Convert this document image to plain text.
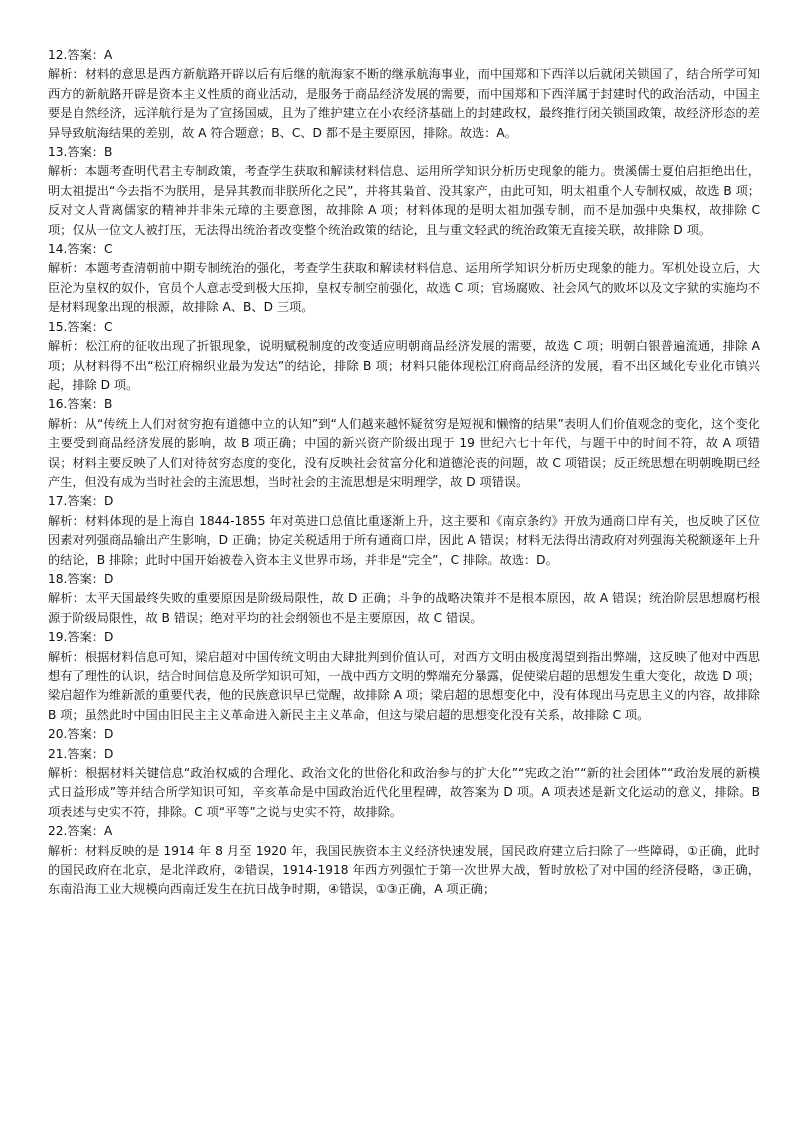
12.答案：A

解析：材料的意思是西方新航路开辟以后有后继的航海家不断的继承航海事业，而中国郑和下西洋以后就闭关锁国了，结合所学可知西方的新航路开辟是资本主义性质的商业活动，是服务于商品经济发展的需要，而中国郑和下西洋属于封建时代的政治活动，中国主要是自然经济，远洋航行是为了宣扬国威，且为了维护建立在小农经济基础上的封建政权，最终推行闭关锁国政策，故经济形态的差异导致航海结果的差别，故 A 符合题意；B、C、D 都不是主要原因，排除。故选：A。

13.答案：B

解析：本题考查明代君主专制政策，考查学生获取和解读材料信息、运用所学知识分析历史现象的能力。贵溪儒士夏伯启拒绝出仕，明太祖提出“今去指不为朕用，是异其教而非朕所化之民”，并将其枭首、没其家产，由此可知，明太祖重个人专制权威，故选 B 项；反对文人背离儒家的精神并非朱元璋的主要意图，故排除 A 项；材料体现的是明太祖加强专制，而不是加强中央集权，故排除 C 项；仅从一位文人被打压，无法得出统治者改变整个统治政策的结论，且与重文轻武的统治政策无直接关联，故排除 D 项。

14.答案：C

解析：本题考查清朝前中期专制统治的强化，考查学生获取和解读材料信息、运用所学知识分析历史现象的能力。军机处设立后，大臣沦为皇权的奴仆，官员个人意志受到极大压抑，皇权专制空前强化，故选 C 项；官场腐败、社会风气的败坏以及文字狱的实施均不是材料现象出现的根源，故排除 A、B、D 三项。

15.答案：C

解析：松江府的征收出现了折银现象，说明赋税制度的改变适应明朝商品经济发展的需要，故选 C 项；明朝白银普遍流通，排除 A 项；从材料得不出“松江府棉织业最为发达”的结论，排除 B 项；材料只能体现松江府商品经济的发展，看不出区域化专业化市镇兴起，排除 D 项。

16.答案：B

解析：从“传统上人们对贫穷抱有道德中立的认知”到“人们越来越怀疑贫穷是短视和懒惰的结果”表明人们价值观念的变化，这个变化主要受到商品经济发展的影响，故 B 项正确；中国的新兴资产阶级出现于 19 世纪六七十年代，与题干中的时间不符，故 A 项错误；材料主要反映了人们对待贫穷态度的变化，没有反映社会贫富分化和道德沦丧的问题，故 C 项错误；反正统思想在明朝晚期已经产生，但没有成为当时社会的主流思想，当时社会的主流思想是宋明理学，故 D 项错误。

17.答案：D

解析：材料体现的是上海自 1844-1855 年对英进口总值比重逐渐上升，这主要和《南京条约》开放为通商口岸有关，也反映了区位因素对列强商品输出产生影响，D 正确；协定关税适用于所有通商口岸，因此 A 错误；材料无法得出清政府对列强海关税额逐年上升的结论，B 排除；此时中国开始被卷入资本主义世界市场，并非是“完全”，C 排除。故选：D。

18.答案：D

解析：太平天国最终失败的重要原因是阶级局限性，故 D 正确；斗争的战略决策并不是根本原因，故 A 错误；统治阶层思想腐朽根源于阶级局限性，故 B 错误；绝对平均的社会纲领也不是主要原因，故 C 错误。

19.答案：D

解析：根据材料信息可知，梁启超对中国传统文明由大肆批判到价值认可，对西方文明由极度渴望到指出弊端，这反映了他对中西思想有了理性的认识，结合时间信息及所学知识可知，一战中西方文明的弊端充分暴露，促使梁启超的思想发生重大变化，故选 D 项；梁启超作为维新派的重要代表，他的民族意识早已觉醒，故排除 A 项；梁启超的思想变化中，没有体现出马克思主义的内容，故排除 B 项；虽然此时中国由旧民主主义革命进入新民主主义革命，但这与梁启超的思想变化没有关系，故排除 C 项。

20.答案：D

21.答案：D

解析：根据材料关键信息“政治权威的合理化、政治文化的世俗化和政治参与的扩大化”“宪政之治”“新的社会团体”“政治发展的新模式日益形成”等并结合所学知识可知，辛亥革命是中国政治近代化里程碑，故答案为 D 项。A 项表述是新文化运动的意义，排除。B 项表述与史实不符，排除。C 项“平等”之说与史实不符，故排除。

22.答案：A

解析：材料反映的是 1914 年 8 月至 1920 年，我国民族资本主义经济快速发展，国民政府建立后扫除了一些障碍，①正确，此时的国民政府在北京，是北洋政府，②错误，1914-1918 年西方列强忙于第一次世界大战，暂时放松了对中国的经济侵略，③正确，东南沿海工业大规模向西南迁发生在抗日战争时期，④错误，①③正确，A 项正确；
